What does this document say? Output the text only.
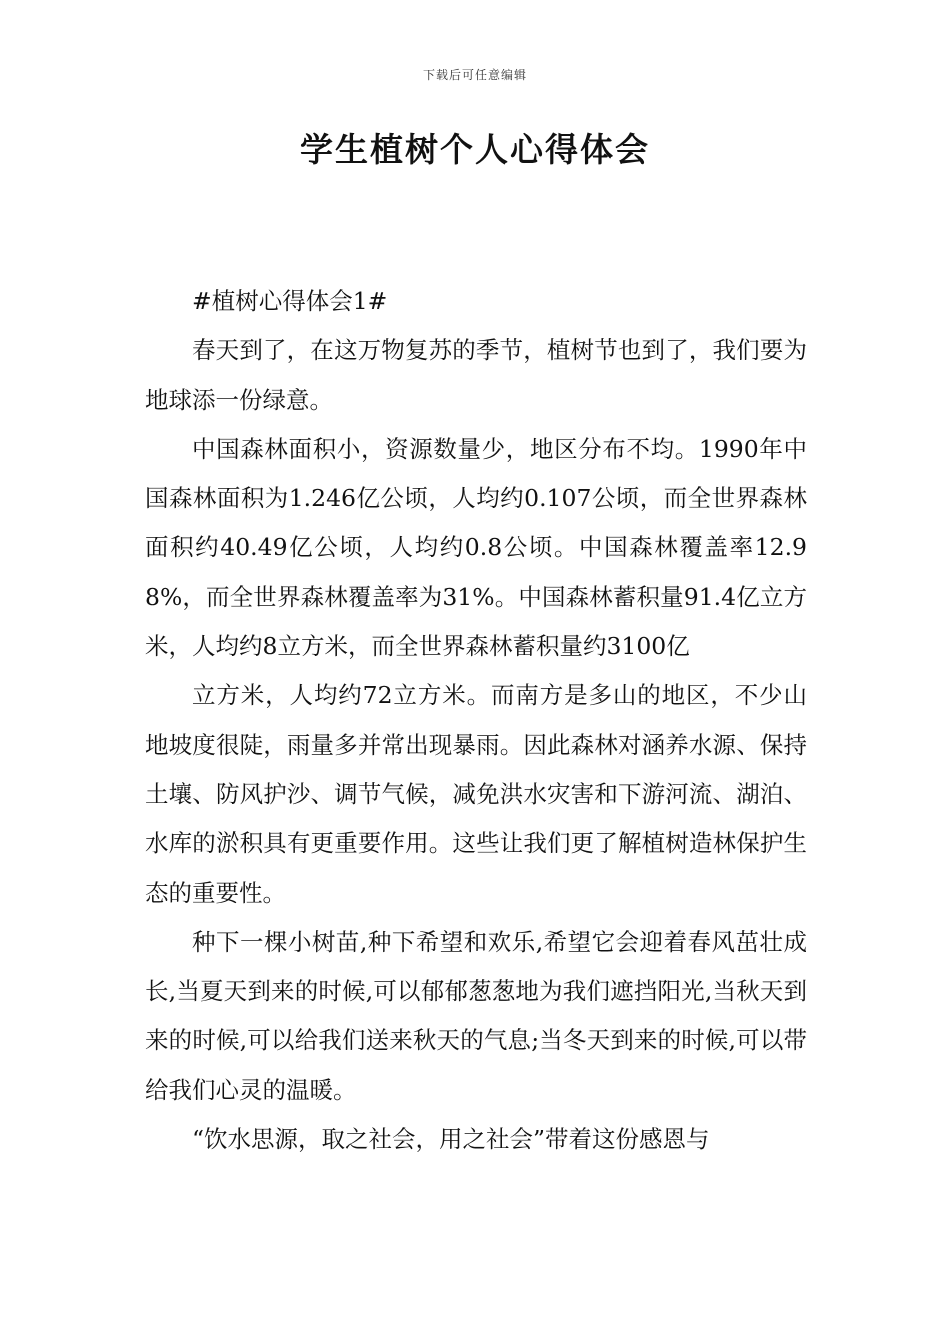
下载后可任意编辑
学生植树个人心得体会

#植树心得体会1#

春天到了，在这万物复苏的季节，植树节也到了，我们要为地球添一份绿意。

中国森林面积小，资源数量少，地区分布不均。1990年中国森林面积为1.246亿公顷，人均约0.107公顷，而全世界森林面积约40.49亿公顷，人均约0.8公顷。中国森林覆盖率12.98%，而全世界森林覆盖率为31%。中国森林蓄积量91.4亿立方米，人均约8立方米，而全世界森林蓄积量约3100亿

立方米，人均约72立方米。而南方是多山的地区，不少山地坡度很陡，雨量多并常出现暴雨。因此森林对涵养水源、保持土壤、防风护沙、调节气候，减免洪水灾害和下游河流、湖泊、水库的淤积具有更重要作用。这些让我们更了解植树造林保护生态的重要性。

种下一棵小树苗,种下希望和欢乐,希望它会迎着春风茁壮成长,当夏天到来的时候,可以郁郁葱葱地为我们遮挡阳光,当秋天到来的时候,可以给我们送来秋天的气息;当冬天到来的时候,可以带给我们心灵的温暖。

“饮水思源，取之社会，用之社会”带着这份感恩与
